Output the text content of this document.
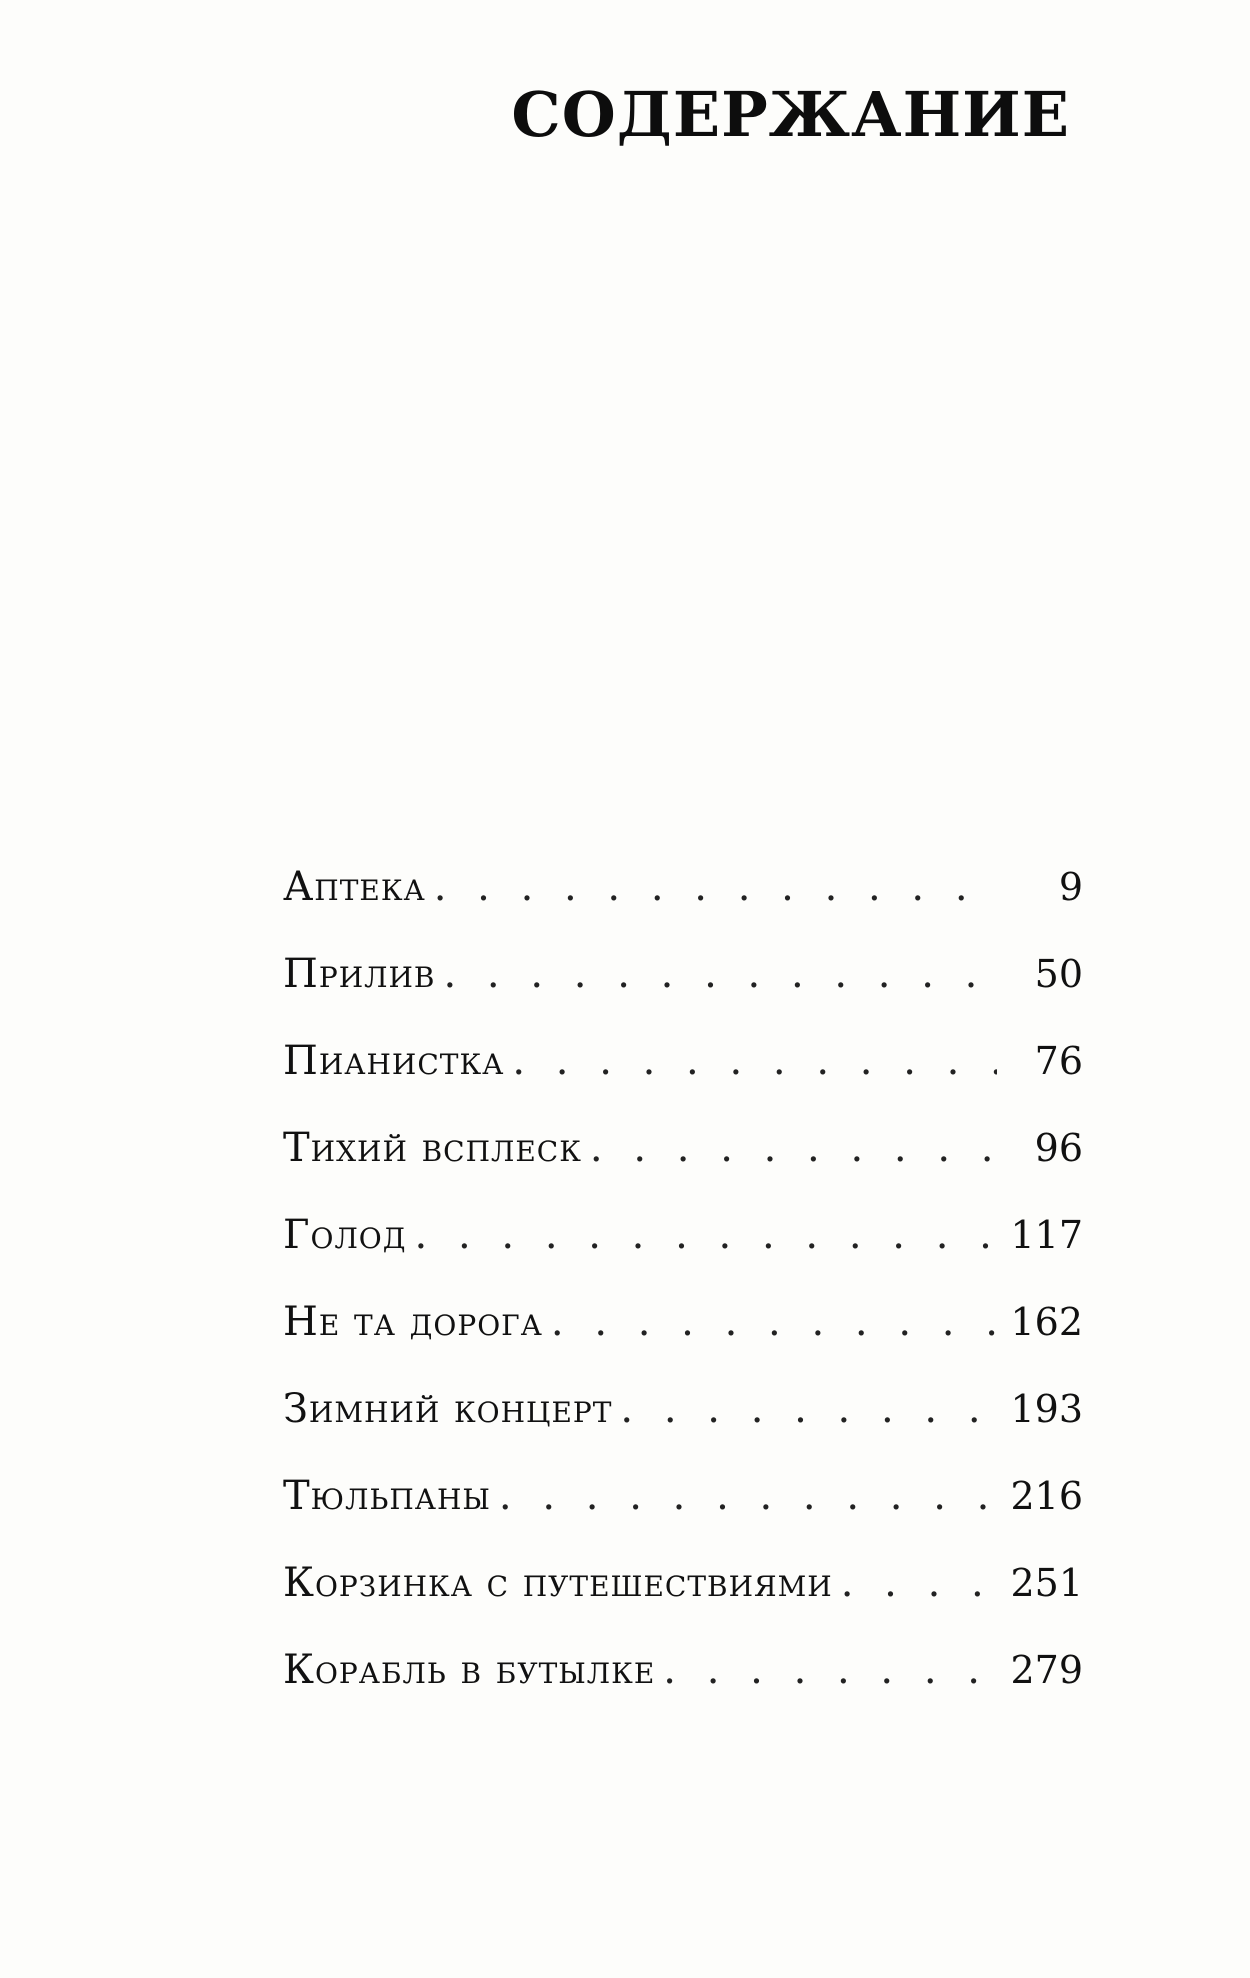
СОДЕРЖАНИЕ
Аптека . . .	9
Прилив . . .	50
Пианистка . . .	76
Тихий всплеск . . .	96
Голод . . .	117
Не та дорога . . .	162
Зимний концерт . . .	193
Тюльпаны . . .	216
Корзинка с путешествиями . . .	251
Корабль в бутылке . . .	279
